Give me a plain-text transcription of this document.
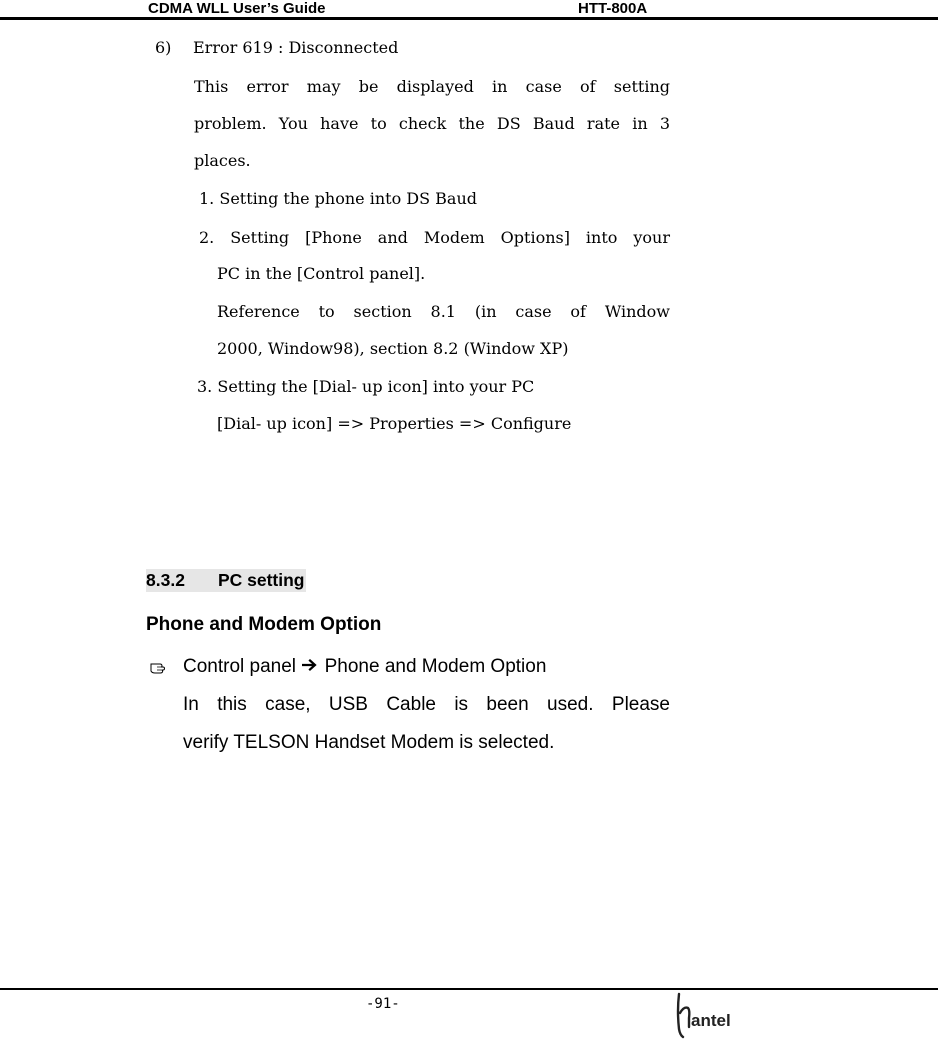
CDMA WLL User’s Guide	HTT-800A
6) Error 619 : Disconnected
This error may be displayed in case of setting
problem. You have to check the DS Baud rate in 3
places.
1. Setting the phone into DS Baud
2. Setting [Phone and Modem Options] into your
PC in the [Control panel].
Reference to section 8.1 (in case of Window
2000, Window98), section 8.2 (Window XP)
3. Setting the [Dial- up icon] into your PC
[Dial- up icon] => Properties => Configure
8.3.2 PC setting
Phone and Modem Option
Control panel Phone and Modem Option
In this case, USB Cable is been used. Please
verify TELSON Handset Modem is selected.
-91-
antel
